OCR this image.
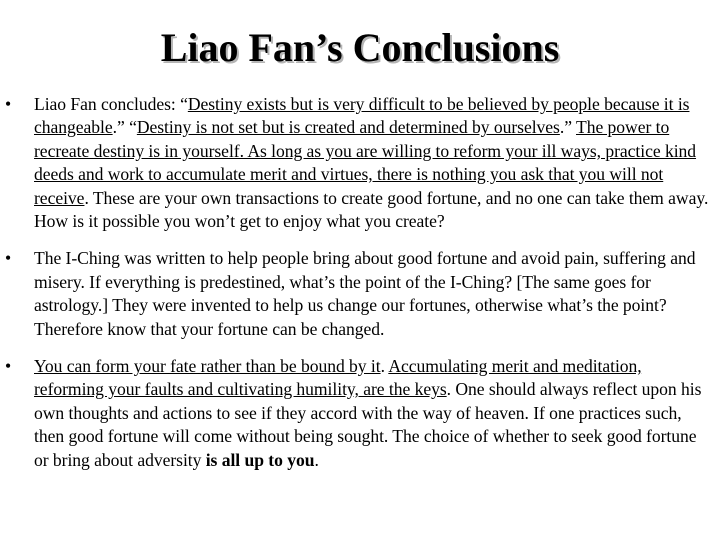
Liao Fan’s Conclusions
• Liao Fan concludes: “Destiny exists but is very difficult to be believed by people because it is changeable.” “Destiny is not set but is created and determined by ourselves.” The power to recreate destiny is in yourself. As long as you are willing to reform your ill ways, practice kind deeds and work to accumulate merit and virtues, there is nothing you ask that you will not receive. These are your own transactions to create good fortune, and no one can take them away. How is it possible you won’t get to enjoy what you create?
• The I-Ching was written to help people bring about good fortune and avoid pain, suffering and misery. If everything is predestined, what’s the point of the I-Ching? [The same goes for astrology.] They were invented to help us change our fortunes, otherwise what’s the point? Therefore know that your fortune can be changed.
• You can form your fate rather than be bound by it. Accumulating merit and meditation, reforming your faults and cultivating humility, are the keys. One should always reflect upon his own thoughts and actions to see if they accord with the way of heaven. If one practices such, then good fortune will come without being sought. The choice of whether to seek good fortune or bring about adversity is all up to you.
